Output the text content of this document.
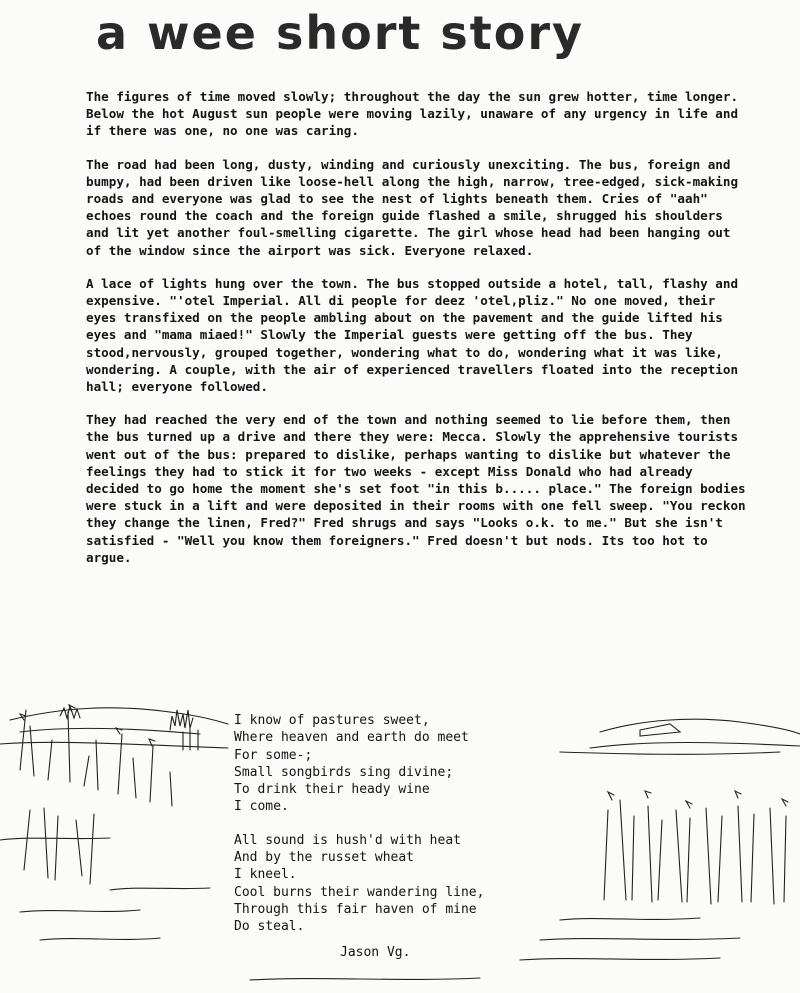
a wee short story

The figures of time moved slowly; throughout the day the sun grew hotter, time longer. Below the hot August sun people were moving lazily, unaware of any urgency in life and if there was one, no one was caring.

The road had been long, dusty, winding and curiously unexciting. The bus, foreign and bumpy, had been driven like loose-hell along the high, narrow, tree-edged, sick-making roads and everyone was glad to see the nest of lights beneath them. Cries of "aah" echoes round the coach and the foreign guide flashed a smile, shrugged his shoulders and lit yet another foul-smelling cigarette. The girl whose head had been hanging out of the window since the airport was sick. Everyone relaxed.

A lace of lights hung over the town. The bus stopped outside a hotel, tall, flashy and expensive. "'otel Imperial. All di people for deez 'otel,pliz." No one moved, their eyes transfixed on the people ambling about on the pavement and the guide lifted his eyes and "mama miaed!" Slowly the Imperial guests were getting off the bus. They stood,nervously, grouped together, wondering what to do, wondering what it was like, wondering. A couple, with the air of experienced travellers floated into the reception hall; everyone followed.

They had reached the very end of the town and nothing seemed to lie before them, then the bus turned up a drive and there they were: Mecca. Slowly the apprehensive tourists went out of the bus: prepared to dislike, perhaps wanting to dislike but whatever the feelings they had to stick it for two weeks - except Miss Donald who had already decided to go home the moment she's set foot "in this b..... place." The foreign bodies were stuck in a lift and were deposited in their rooms with one fell sweep. "You reckon they change the linen, Fred?" Fred shrugs and says "Looks o.k. to me." But she isn't satisfied - "Well you know them foreigners." Fred doesn't but nods. Its too hot to argue.

I know of pastures sweet,
Where heaven and earth do meet
For some-;
Small songbirds sing divine;
To drink their heady wine
I come.
All sound is hush'd with heat
And by the russet wheat
I kneel.
Cool burns their wandering line,
Through this fair haven of mine
Do steal.
Jason Vg.
